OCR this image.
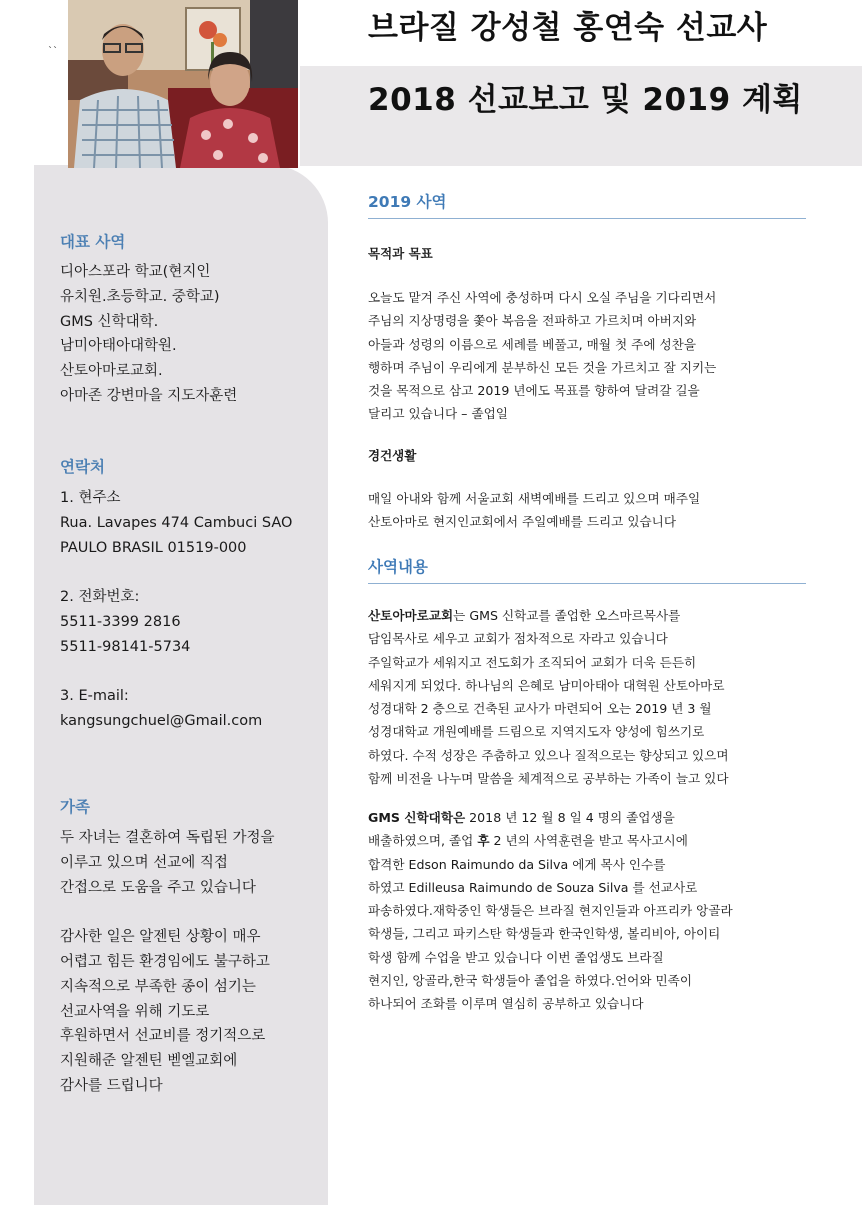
``
브라질 강성철 홍연숙 선교사
2018 선교보고 및 2019 계획
대표 사역
디아스포라 학교(현지인
유치원.초등학교. 중학교)
GMS 신학대학.
남미아태아대학원.
산토아마로교회.
아마존 강변마을 지도자훈련
연락처
1. 현주소
Rua. Lavapes 474 Cambuci SAO
PAULO BRASIL 01519-000

2. 전화번호:
5511-3399 2816
5511-98141-5734

3. E-mail:
kangsungchuel@Gmail.com
가족
두 자녀는 결혼하여 독립된 가정을
이루고 있으며 선교에 직접
간접으로 도움을 주고 있습니다

감사한 일은 알젠틴 상황이 매우
어렵고 힘든 환경임에도 불구하고
지속적으로 부족한 종이 섬기는
선교사역을 위해 기도로
후원하면서 선교비를 정기적으로
지원해준 알젠틴 벧엘교회에
감사를 드립니다
2019 사역
목적과 목표
오늘도 맡겨 주신 사역에 충성하며 다시 오실 주님을 기다리면서
주님의 지상명령을 쫓아 복음을 전파하고 가르치며 아버지와
아들과 성령의 이름으로 세례를 베풀고, 매월 첫 주에 성찬을
행하며 주님이 우리에게 분부하신 모든 것을 가르치고 잘 지키는
것을 목적으로 삼고 2019 년에도 목표를 향하여 달려갈 길을
달리고 있습니다 – 졸업일
경건생활
매일 아내와 함께 서울교회 새벽예배를 드리고 있으며 매주일
산토아마로 현지인교회에서 주일예배를 드리고 있습니다
사역내용
산토아마로교회는 GMS 신학교를 졸업한 오스마르목사를
담임목사로 세우고 교회가 점차적으로 자라고 있습니다
주일학교가 세워지고 전도회가 조직되어 교회가 더욱 든든히
세워지게 되었다. 하나님의 은혜로 남미아태아 대혁원 산토아마로
성경대학 2 층으로 건축된 교사가 마련되어 오는 2019 년 3 월
성경대학교 개원예배를 드림으로 지역지도자 양성에 힘쓰기로
하였다. 수적 성장은 주춤하고 있으나 질적으로는 향상되고 있으며
함께 비전을 나누며 말씀을 체계적으로 공부하는 가족이 늘고 있다
GMS 신학대학은 2018 년 12 월 8 일 4 명의 졸업생을
배출하였으며, 졸업 후 2 년의 사역훈련을 받고 목사고시에
합격한 Edson Raimundo da Silva 에게 목사 인수를
하였고 Edilleusa Raimundo de Souza Silva 를 선교사로
파송하였다.재학중인 학생들은 브라질 현지인들과 아프리카 앙골라
학생들, 그리고 파키스탄 학생들과 한국인학생, 볼리비아, 아이티
학생 함께 수업을 받고 있습니다 이번 졸업생도 브라질
현지인, 앙골라,한국 학생들아 졸업을 하였다.언어와 민족이
하나되어 조화를 이루며 열심히 공부하고 있습니다
